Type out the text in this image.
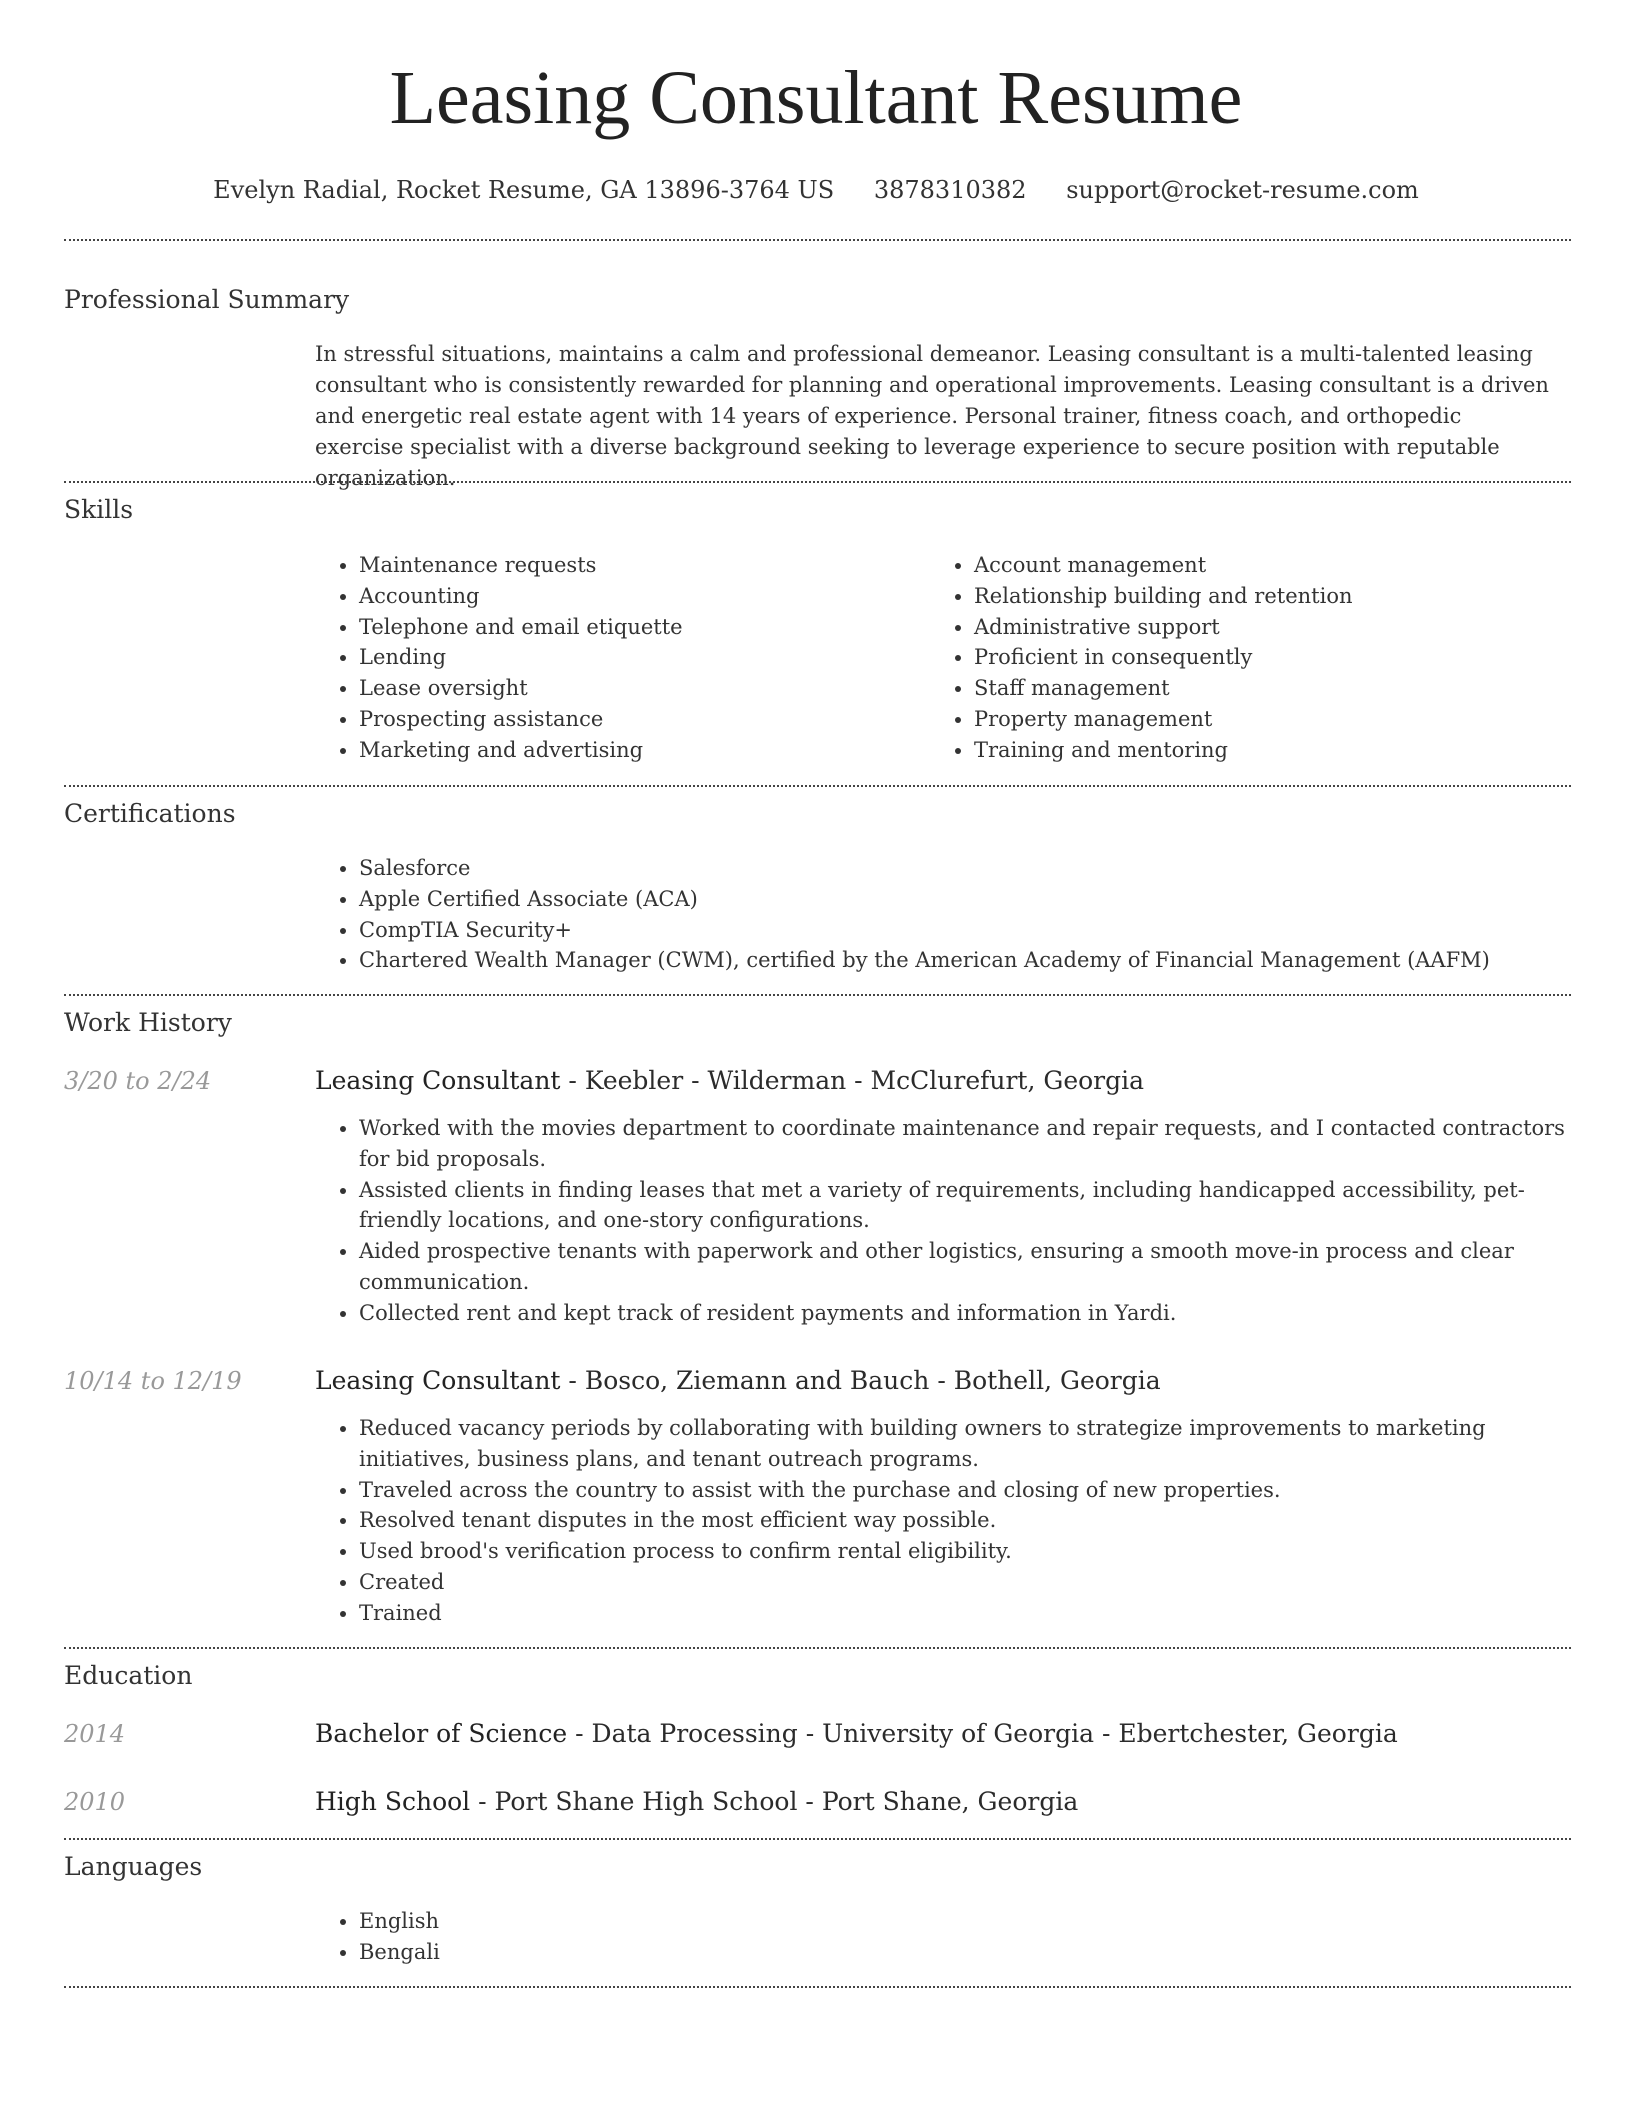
Leasing Consultant Resume
Evelyn Radial, Rocket Resume, GA 13896-3764 US 3878310382 support@rocket-resume.com
Professional Summary

In stressful situations, maintains a calm and professional demeanor. Leasing consultant is a multi-talented leasing consultant who is consistently rewarded for planning and operational improvements. Leasing consultant is a driven and energetic real estate agent with 14 years of experience. Personal trainer, fitness coach, and orthopedic exercise specialist with a diverse background seeking to leverage experience to secure position with reputable organization.

Skills
• Maintenance requests
• Accounting
• Telephone and email etiquette
• Lending
• Lease oversight
• Prospecting assistance
• Marketing and advertising
• Account management
• Relationship building and retention
• Administrative support
• Proficient in consequently
• Staff management
• Property management
• Training and mentoring
Certifications
• Salesforce
• Apple Certified Associate (ACA)
• CompTIA Security+
• Chartered Wealth Manager (CWM), certified by the American Academy of Financial Management (AAFM)
Work History
3/20 to 2/24	Leasing Consultant - Keebler - Wilderman - McClurefurt, Georgia
• Worked with the movies department to coordinate maintenance and repair requests, and I contacted contractors for bid proposals.
• Assisted clients in finding leases that met a variety of requirements, including handicapped accessibility, pet-friendly locations, and one-story configurations.
• Aided prospective tenants with paperwork and other logistics, ensuring a smooth move-in process and clear communication.
• Collected rent and kept track of resident payments and information in Yardi.
10/14 to 12/19	Leasing Consultant - Bosco, Ziemann and Bauch - Bothell, Georgia
• Reduced vacancy periods by collaborating with building owners to strategize improvements to marketing initiatives, business plans, and tenant outreach programs.
• Traveled across the country to assist with the purchase and closing of new properties.
• Resolved tenant disputes in the most efficient way possible.
• Used brood's verification process to confirm rental eligibility.
• Created
• Trained
Education
2014	Bachelor of Science - Data Processing - University of Georgia - Ebertchester, Georgia
2010	High School - Port Shane High School - Port Shane, Georgia
Languages
• English
• Bengali
